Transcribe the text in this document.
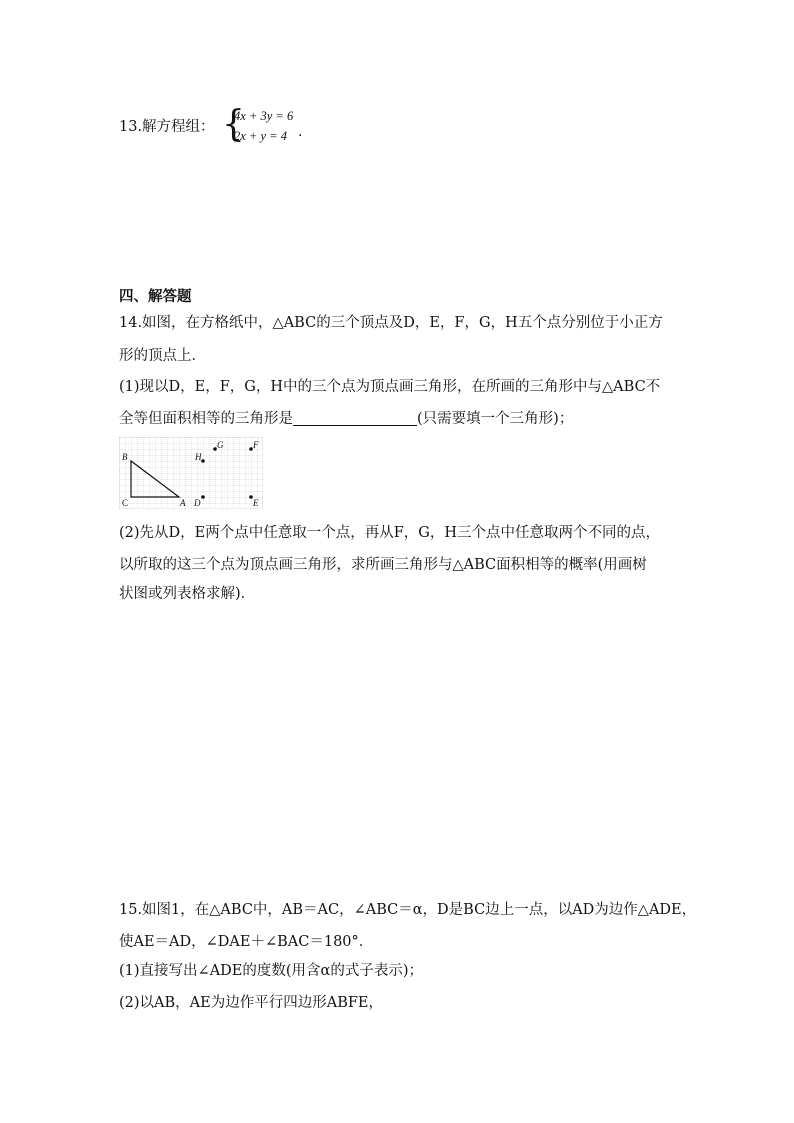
13.解方程组： {
4x + 3y = 6
2x + y = 4 .
四、解答题
14.如图，在方格纸中，△ABC的三个顶点及D，E，F，G，H五个点分别位于小正方
形的顶点上．
(1)现以D，E，F，G，H中的三个点为顶点画三角形，在所画的三角形中与△ABC不
全等但面积相等的三角形是	(只需要填一个三角形)；
B
C	A D	E
H
G	F
(2)先从D，E两个点中任意取一个点，再从F，G，H三个点中任意取两个不同的点，
以所取的这三个点为顶点画三角形，求所画三角形与△ABC面积相等的概率(用画树
状图或列表格求解)．
15.如图1，在△ABC中，AB＝AC，∠ABC＝α，D是BC边上一点，以AD为边作△ADE，
使AE＝AD，∠DAE＋∠BAC＝180°．
(1)直接写出∠ADE的度数(用含α的式子表示)；
(2)以AB，AE为边作平行四边形ABFE，
